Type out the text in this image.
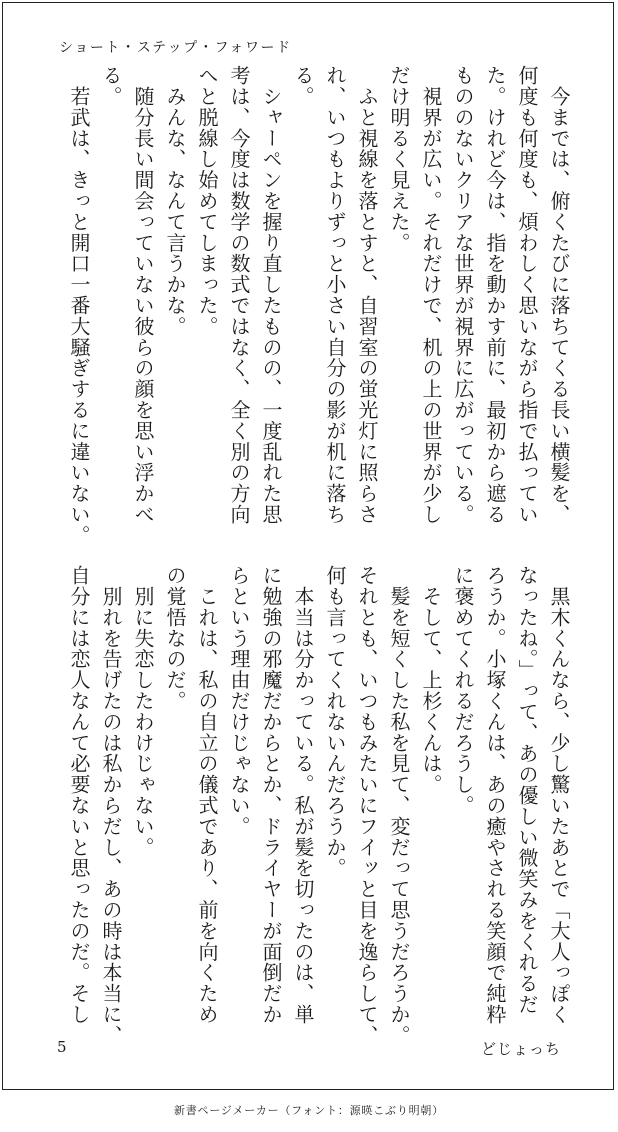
ショート・ステップ・フォワード

　今までは、俯くたびに落ちてくる長い横髪を、

何度も何度も、煩わしく思いながら指で払ってい

た。けれど今は、指を動かす前に、最初から遮る

もののないクリアな世界が視界に広がっている。

　視界が広い。それだけで、机の上の世界が少し

だけ明るく見えた。

　ふと視線を落とすと、自習室の蛍光灯に照らさ

れ、いつもよりずっと小さい自分の影が机に落ち

る。

　シャーペンを握り直したものの、一度乱れた思

考は、今度は数学の数式ではなく、全く別の方向

へと脱線し始めてしまった。

　みんな、なんて言うかな。

　随分長い間会っていない彼らの顔を思い浮かべ

る。

　若武は、きっと開口一番大騒ぎするに違いない。

　黒木くんなら、少し驚いたあとで「大人っぽく

なったね。」って、あの優しい微笑みをくれるだ

ろうか。小塚くんは、あの癒やされる笑顔で純粋

に褒めてくれるだろうし。

　そして、上杉くんは。

　髪を短くした私を見て、変だって思うだろうか。

それとも、いつもみたいにフイッと目を逸らして、

何も言ってくれないんだろうか。

　本当は分かっている。私が髪を切ったのは、単

に勉強の邪魔だからとか、ドライヤーが面倒だか

らという理由だけじゃない。

　これは、私の自立の儀式であり、前を向くため

の覚悟なのだ。

　別に失恋したわけじゃない。

　別れを告げたのは私からだし、あの時は本当に、

自分には恋人なんて必要ないと思ったのだ。そし

5	どじょっち
新書ページメーカー（フォント：源暎こぶり明朝）
